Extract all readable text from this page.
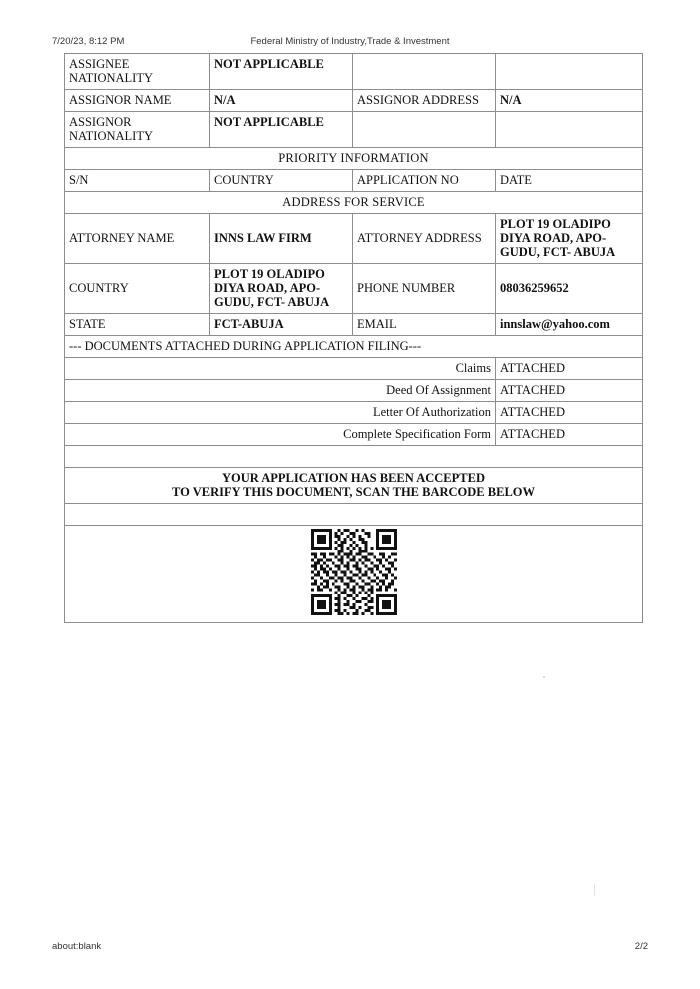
7/20/23, 8:12 PM	Federal Ministry of Industry,Trade & Investment
ASSIGNEE NATIONALITY	NOT APPLICABLE		
ASSIGNOR NAME	N/A	ASSIGNOR ADDRESS	N/A
ASSIGNOR NATIONALITY	NOT APPLICABLE		
PRIORITY INFORMATION			
S/N	COUNTRY	APPLICATION NO	DATE
ADDRESS FOR SERVICE			
ATTORNEY NAME	INNS LAW FIRM	ATTORNEY ADDRESS	PLOT 19 OLADIPO DIYA ROAD, APO- GUDU, FCT- ABUJA
COUNTRY	PLOT 19 OLADIPO DIYA ROAD, APO- GUDU, FCT- ABUJA	PHONE NUMBER	08036259652
STATE	FCT-ABUJA	EMAIL	innslaw@yahoo.com
--- DOCUMENTS ATTACHED DURING APPLICATION FILING---			
Claims			ATTACHED
Deed Of Assignment			ATTACHED
Letter Of Authorization			ATTACHED
Complete Specification Form			ATTACHED

YOUR APPLICATION HAS BEEN ACCEPTED
TO VERIFY THIS DOCUMENT, SCAN THE BARCODE BELOW			

about:blank	2/2
